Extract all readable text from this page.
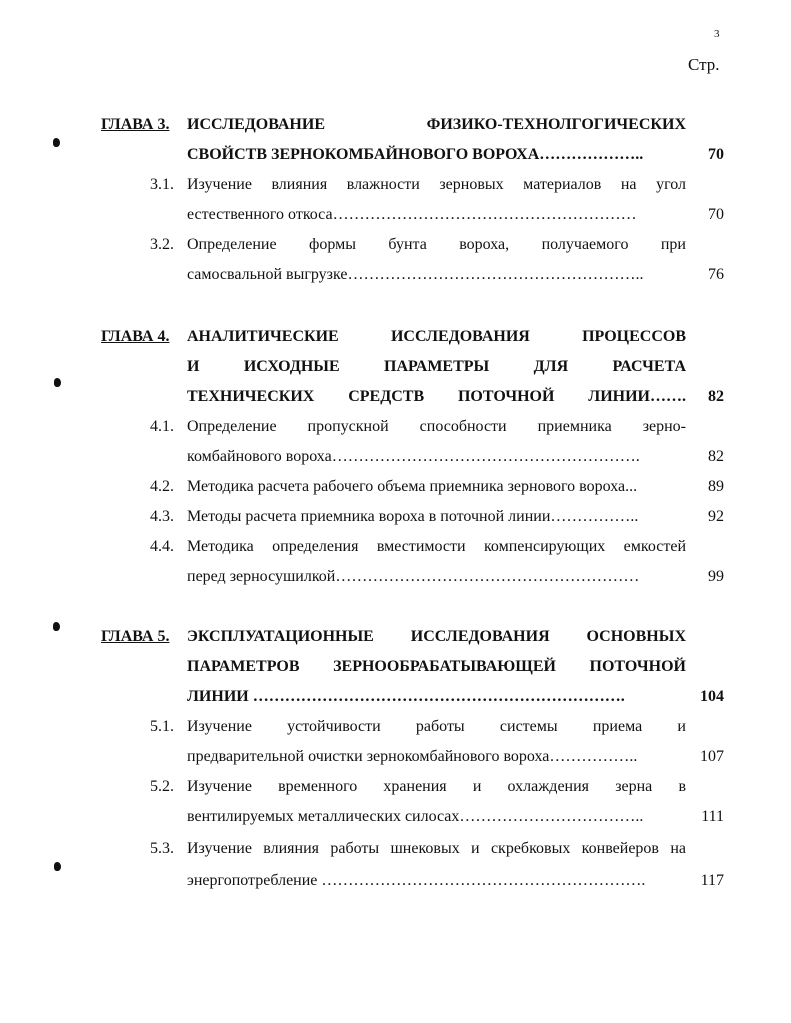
3
Стр.
ГЛАВА 3. ИССЛЕДОВАНИЕ ФИЗИКО-ТЕХНОЛГОГИЧЕСКИХ
СВОЙСТВ ЗЕРНОКОМБАЙНОВОГО ВОРОХА………………..	70
3.1. Изучение влияния влажности зерновых материалов на угол
естественного откоса…………………………………………………	70
3.2. Определение формы бунта вороха, получаемого при
самосвальной выгрузке………………………………………………..	76
ГЛАВА 4. АНАЛИТИЧЕСКИЕ ИССЛЕДОВАНИЯ ПРОЦЕССОВ
И ИСХОДНЫЕ ПАРАМЕТРЫ ДЛЯ РАСЧЕТА
ТЕХНИЧЕСКИХ СРЕДСТВ ПОТОЧНОЙ ЛИНИИ…….	82
4.1. Определение пропускной способности приемника зерно-
комбайнового вороха………………………………………………….	82
4.2. Методика расчета рабочего объема приемника зернового вороха...	89
4.3. Методы расчета приемника вороха в поточной линии……………..	92
4.4. Методика определения вместимости компенсирующих емкостей
перед зерносушилкой…………………………………………………	99
ГЛАВА 5. ЭКСПЛУАТАЦИОННЫЕ ИССЛЕДОВАНИЯ ОСНОВНЫХ
ПАРАМЕТРОВ ЗЕРНООБРАБАТЫВАЮЩЕЙ ПОТОЧНОЙ
ЛИНИИ …………………………………………………………….	104
5.1. Изучение устойчивости работы системы приема и
предварительной очистки зернокомбайнового вороха……………..	107
5.2. Изучение временного хранения и охлаждения зерна в
вентилируемых металлических силосах……………………………..	111
5.3. Изучение влияния работы шнековых и скребковых конвейеров на
энергопотребление …………………………………………………….	117
